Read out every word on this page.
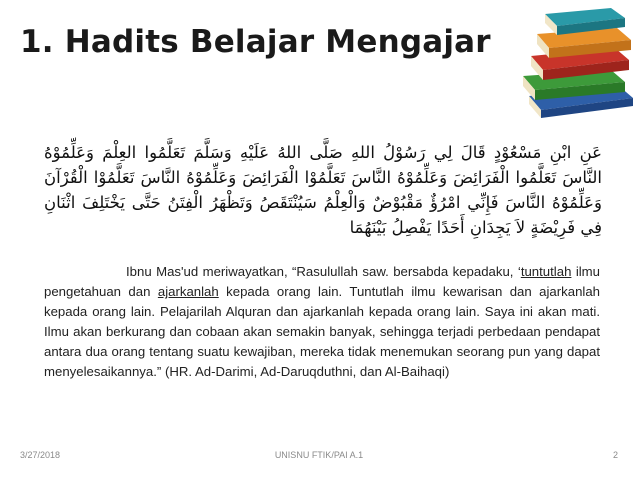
1. Hadits Belajar Mengajar
عَنِ ابْنِ مَسْعُوْدٍ قَالَ لِي رَسُوْلُ اللهِ صَلَّى اللهُ عَلَيْهِ وَسَلَّمَ تَعَلَّمُوا العِلْمَ وَعَلِّمُوْهُ النَّاسَ تَعَلَّمُوا الْفَرَائِضَ وَعَلِّمُوْهُ النَّاسَ تَعَلَّمُوْا الْفَرَائِضَ وَعَلِّمُوْهُ النَّاسَ تَعَلَّمُوْا الْقُرْآنَ وَعَلِّمُوْهُ النَّاسَ فَإِنِّي امْرُؤٌ مَقْبُوْضٌ وَالْعِلْمُ سَيُنْتَقَصُ وَتَظْهَرُ الْفِتَنُ حَتَّى يَخْتَلِفَ اثْنَانِ فِي فَرِيْضَةٍ لاَ يَجِدَانِ أَحَدًا يَفْصِلُ بَيْنَهُمَا
Ibnu Mas'ud meriwayatkan, “Rasulullah saw. bersabda kepadaku, ‘tuntutlah ilmu pengetahuan dan ajarkanlah kepada orang lain. Tuntutlah ilmu kewarisan dan ajarkanlah kepada orang lain. Pelajarilah Alquran dan ajarkanlah kepada orang lain. Saya ini akan mati. Ilmu akan berkurang dan cobaan akan semakin banyak, sehingga terjadi perbedaan pendapat antara dua orang tentang suatu kewajiban, mereka tidak menemukan seorang pun yang dapat menyelesaikannya.” (HR. Ad-Darimi, Ad-Daruqduthni, dan Al-Baihaqi)
3/27/2018	UNISNU FTIK/PAI A.1	2
